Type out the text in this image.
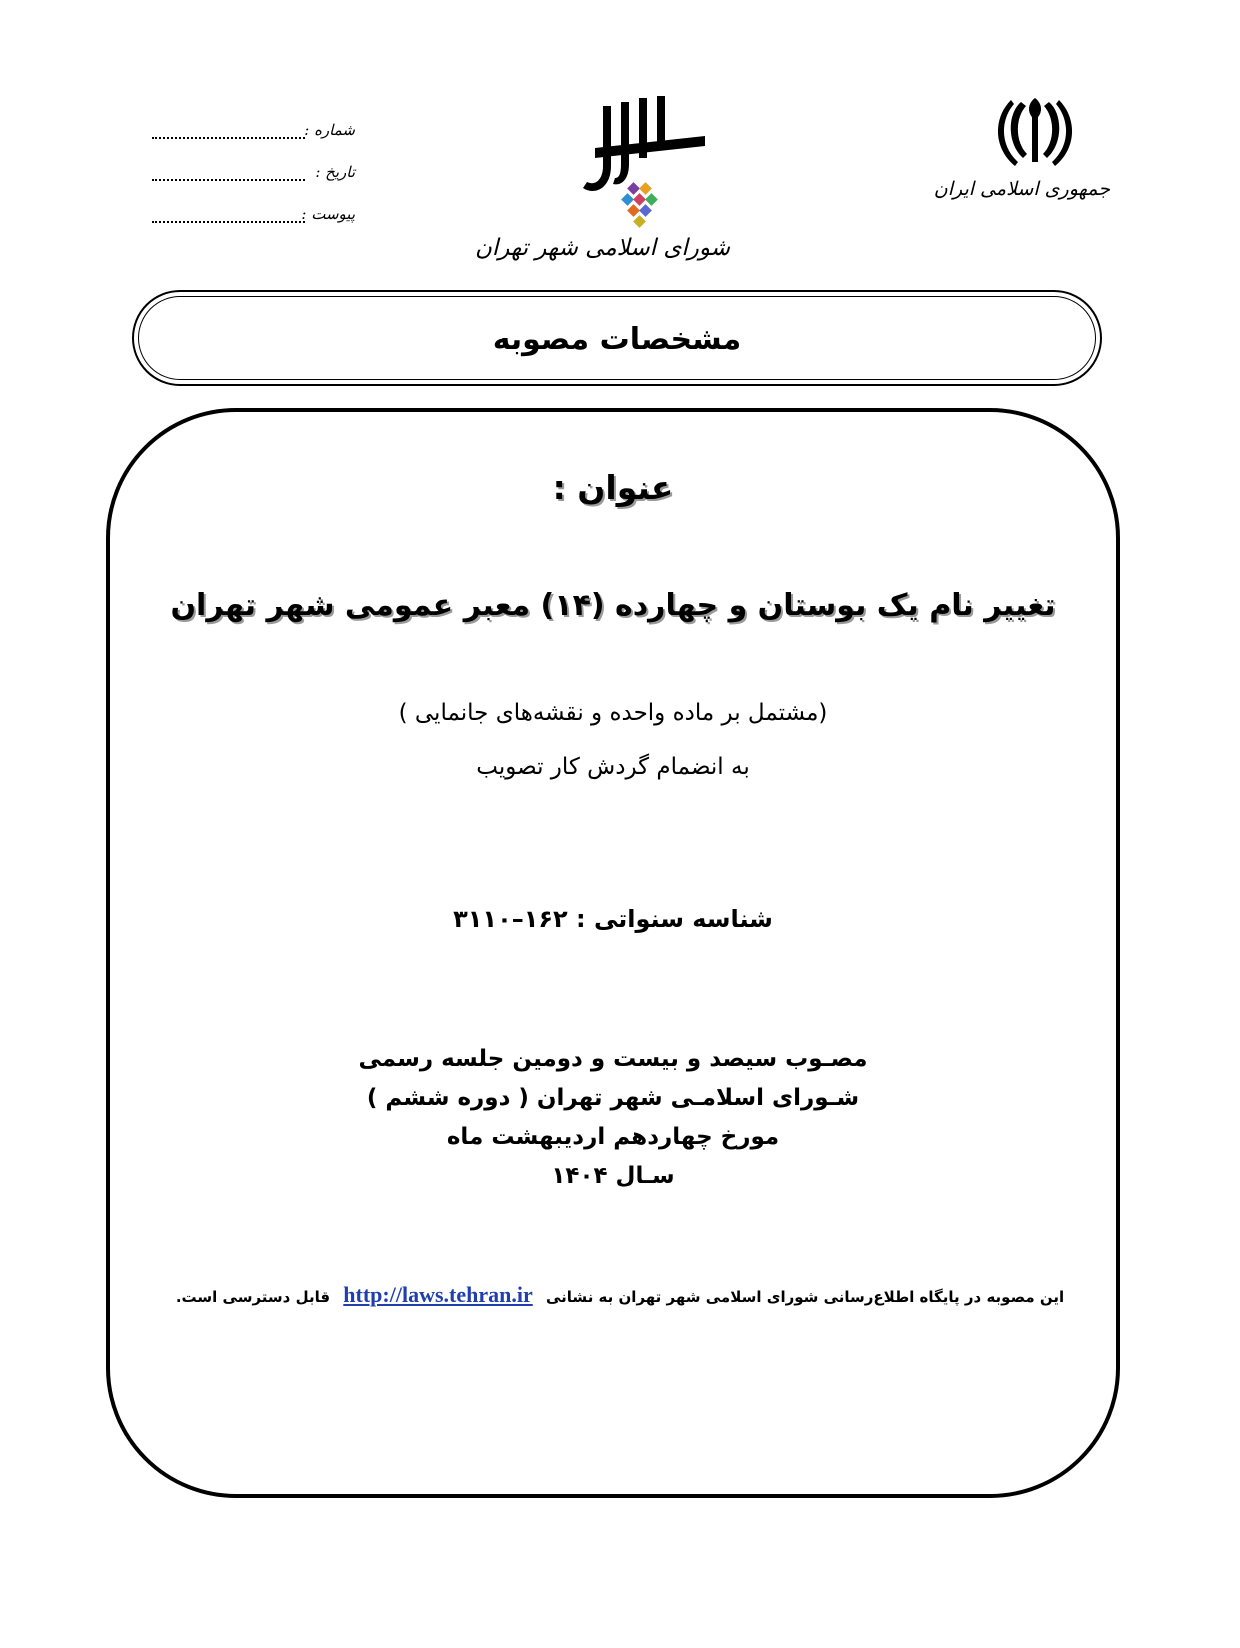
جمهوری اسلامی ایران
شورای اسلامی شهر تهران
شماره :
تاریخ :
پیوست :
مشخصات مصوبه
عنوان :
تغییر نام یک بوستان و چهارده (۱۴) معبر عمومی شهر تهران
(مشتمل بر ماده واحده و نقشه‌های جانمایی )
به انضمام گردش کار تصویب
شناسه سنواتی : ۱۶۲–۳۱۱۰
مصـوب سیصد و بیست و دومین جلسه رسمی
شـورای اسلامـی شهر تهران ( دوره ششم )
مورخ چهاردهم اردیبهشت ماه
سـال ۱۴۰۴
این مصوبه در پایگاه اطلاع‌رسانی شورای اسلامی شهر تهران به نشانی http://laws.tehran.ir قابل دسترسی است.
